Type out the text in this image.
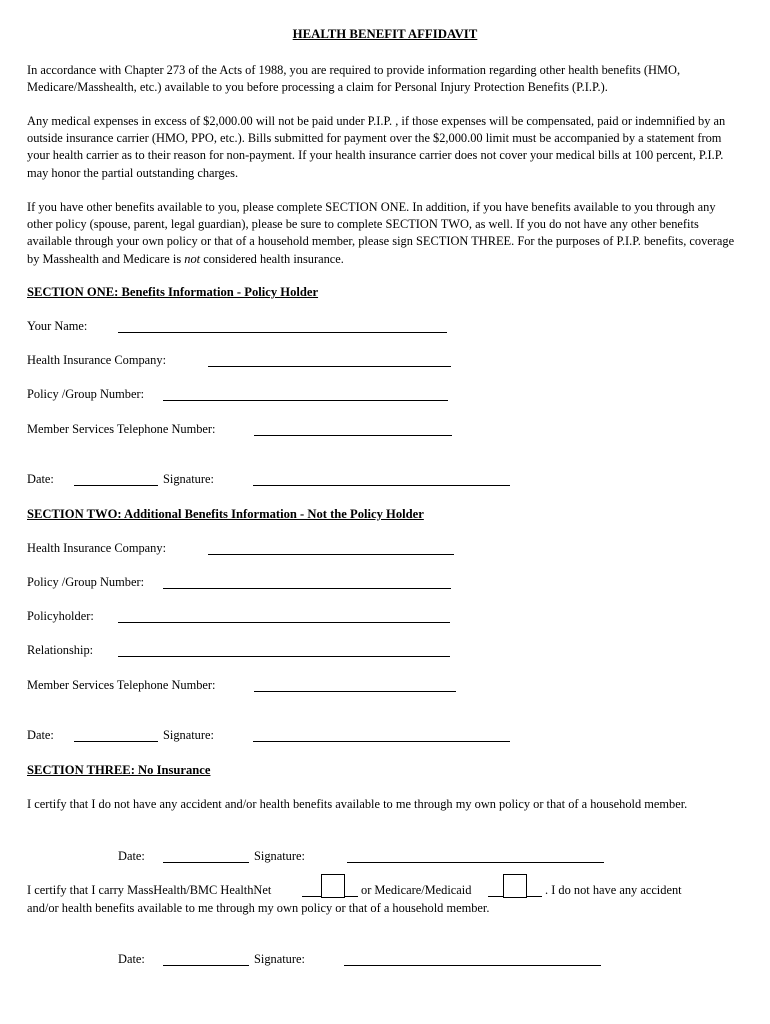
HEALTH BENEFIT AFFIDAVIT

In accordance with Chapter 273 of the Acts of 1988, you are required to provide information regarding other health benefits (HMO, Medicare/Masshealth, etc.) available to you before processing a claim for Personal Injury Protection Benefits (P.I.P.).

Any medical expenses in excess of $2,000.00 will not be paid under P.I.P. , if those expenses will be compensated, paid or indemnified by an outside insurance carrier (HMO, PPO, etc.). Bills submitted for payment over the $2,000.00 limit must be accompanied by a statement from your health carrier as to their reason for non-payment. If your health insurance carrier does not cover your medical bills at 100 percent, P.I.P. may honor the partial outstanding charges.

If you have other benefits available to you, please complete SECTION ONE. In addition, if you have benefits available to you through any other policy (spouse, parent, legal guardian), please be sure to complete SECTION TWO, as well. If you do not have any other benefits available through your own policy or that of a household member, please sign SECTION THREE. For the purposes of P.I.P. benefits, coverage by Masshealth and Medicare is not considered health insurance.

SECTION ONE: Benefits Information - Policy Holder
Your Name:
Health Insurance Company:
Policy /Group Number:
Member Services Telephone Number:
Date:	Signature:
SECTION TWO: Additional Benefits Information - Not the Policy Holder
Health Insurance Company:
Policy /Group Number:
Policyholder:
Relationship:
Member Services Telephone Number:
Date:	Signature:
SECTION THREE: No Insurance

I certify that I do not have any accident and/or health benefits available to me through my own policy or that of a household member.

Date:	Signature:
I certify that I carry MassHealth/BMC HealthNet	or Medicare/Medicaid	. I do not have any accident
and/or health benefits available to me through my own policy or that of a household member.
Date:	Signature:
